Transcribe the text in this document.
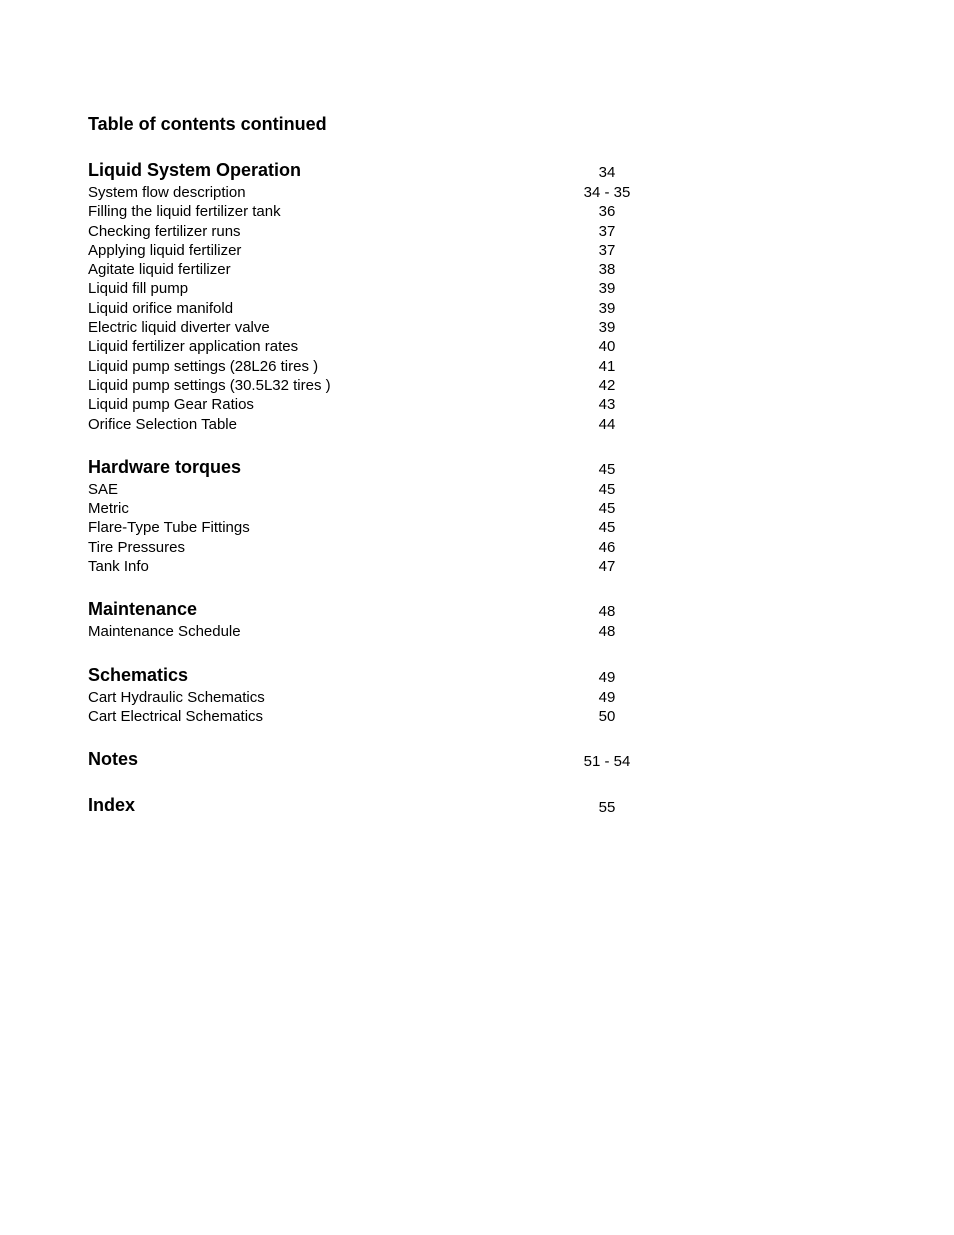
Table of contents continued
Liquid System Operation	34
System flow description	34 - 35
Filling the liquid fertilizer tank	36
Checking fertilizer runs	37
Applying liquid fertilizer	37
Agitate liquid fertilizer	38
Liquid fill pump	39
Liquid orifice manifold	39
Electric liquid diverter valve	39
Liquid fertilizer application rates	40
Liquid pump settings (28L26 tires )	41
Liquid pump settings (30.5L32 tires )	42
Liquid pump Gear Ratios	43
Orifice Selection Table	44
Hardware torques	45
SAE	45
Metric	45
Flare-Type Tube Fittings	45
Tire Pressures	46
Tank Info	47
Maintenance	48
Maintenance Schedule	48
Schematics	49
Cart Hydraulic Schematics	49
Cart Electrical Schematics	50
Notes	51 - 54
Index	55
